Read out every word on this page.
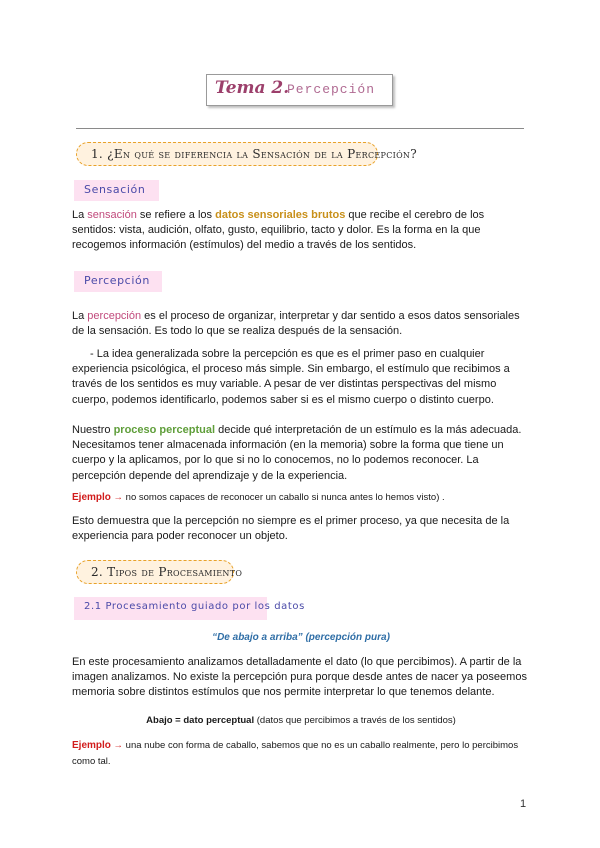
Tema 2.
Percepción
1. ¿En qué se diferencia la Sensación de la Percepción?
Sensación
La sensación se refiere a los datos sensoriales brutos que recibe el cerebro de los sentidos: vista, audición, olfato, gusto, equilibrio, tacto y dolor. Es la forma en la que recogemos información (estímulos) del medio a través de los sentidos.
Percepción
La percepción es el proceso de organizar, interpretar y dar sentido a esos datos sensoriales de la sensación. Es todo lo que se realiza después de la sensación.
- La idea generalizada sobre la percepción es que es el primer paso en cualquier experiencia psicológica, el proceso más simple. Sin embargo, el estímulo que recibimos a través de los sentidos es muy variable. A pesar de ver distintas perspectivas del mismo cuerpo, podemos identificarlo, podemos saber si es el mismo cuerpo o distinto cuerpo.
Nuestro proceso perceptual decide qué interpretación de un estímulo es la más adecuada. Necesitamos tener almacenada información (en la memoria) sobre la forma que tiene un cuerpo y la aplicamos, por lo que si no lo conocemos, no lo podemos reconocer. La percepción depende del aprendizaje y de la experiencia.
Ejemplo → no somos capaces de reconocer un caballo si nunca antes lo hemos visto) .
Esto demuestra que la percepción no siempre es el primer proceso, ya que necesita de la experiencia para poder reconocer un objeto.
2. Tipos de Procesamiento
2.1 Procesamiento guiado por los datos
“De abajo a arriba” (percepción pura)
En este procesamiento analizamos detalladamente el dato (lo que percibimos). A partir de la imagen analizamos. No existe la percepción pura porque desde antes de nacer ya poseemos memoria sobre distintos estímulos que nos permite interpretar lo que tenemos delante.
Abajo = dato perceptual (datos que percibimos a través de los sentidos)
Ejemplo → una nube con forma de caballo, sabemos que no es un caballo realmente, pero lo percibimos como tal.
1
